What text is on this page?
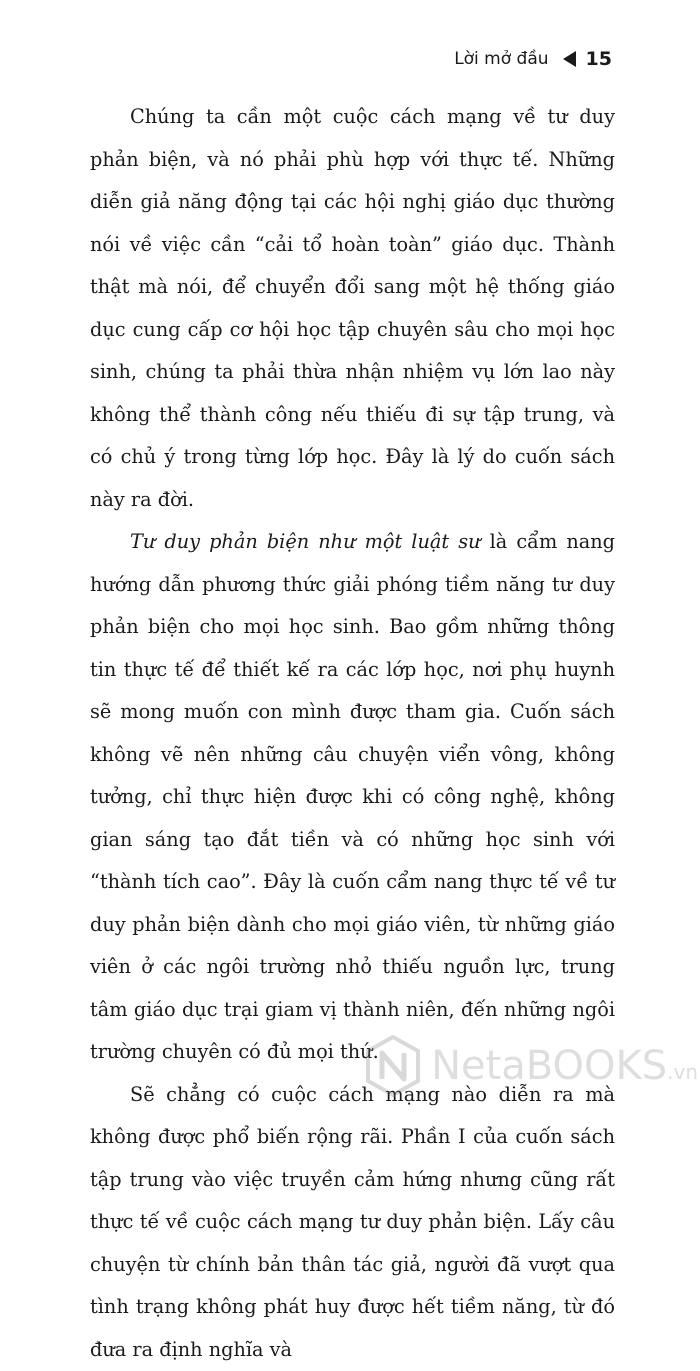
Lời mở đầu 15

Chúng ta cần một cuộc cách mạng về tư duy phản biện, và nó phải phù hợp với thực tế. Những diễn giả năng động tại các hội nghị giáo dục thường nói về việc cần “cải tổ hoàn toàn” giáo dục. Thành thật mà nói, để chuyển đổi sang một hệ thống giáo dục cung cấp cơ hội học tập chuyên sâu cho mọi học sinh, chúng ta phải thừa nhận nhiệm vụ lớn lao này không thể thành công nếu thiếu đi sự tập trung, và có chủ ý trong từng lớp học. Đây là lý do cuốn sách này ra đời.

Tư duy phản biện như một luật sư là cẩm nang hướng dẫn phương thức giải phóng tiềm năng tư duy phản biện cho mọi học sinh. Bao gồm những thông tin thực tế để thiết kế ra các lớp học, nơi phụ huynh sẽ mong muốn con mình được tham gia. Cuốn sách không vẽ nên những câu chuyện viển vông, không tưởng, chỉ thực hiện được khi có công nghệ, không gian sáng tạo đắt tiền và có những học sinh với “thành tích cao”. Đây là cuốn cẩm nang thực tế về tư duy phản biện dành cho mọi giáo viên, từ những giáo viên ở các ngôi trường nhỏ thiếu nguồn lực, trung tâm giáo dục trại giam vị thành niên, đến những ngôi trường chuyên có đủ mọi thứ.

Sẽ chẳng có cuộc cách mạng nào diễn ra mà không được phổ biến rộng rãi. Phần I của cuốn sách tập trung vào việc truyền cảm hứng nhưng cũng rất thực tế về cuộc cách mạng tư duy phản biện. Lấy câu chuyện từ chính bản thân tác giả, người đã vượt qua tình trạng không phát huy được hết tiềm năng, từ đó đưa ra định nghĩa và

NetaBOOKS.vn
